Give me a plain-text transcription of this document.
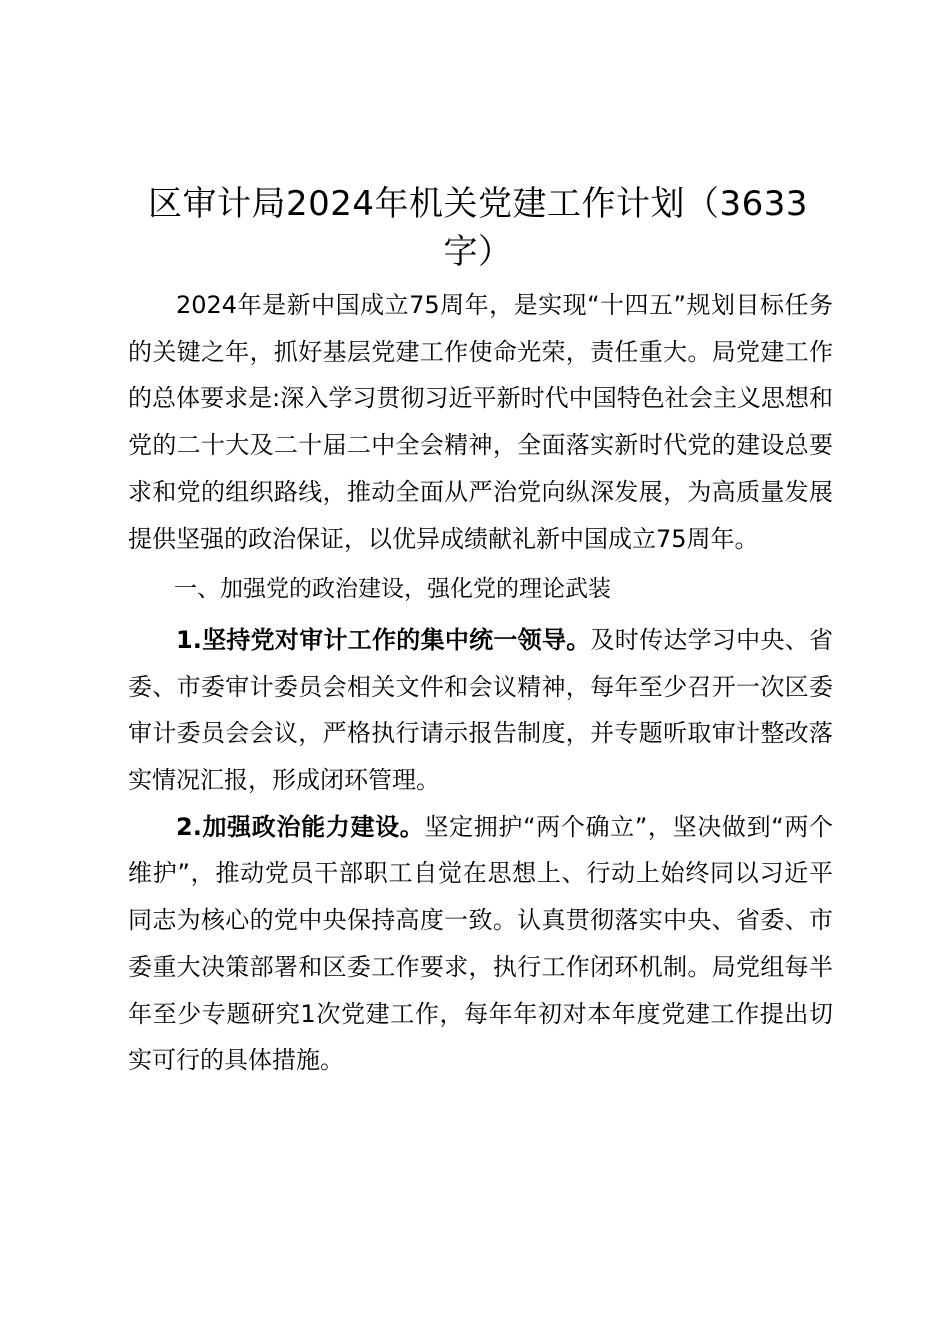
区审计局2024年机关党建工作计划（3633字）

2024年是新中国成立75周年，是实现“十四五”规划目标任务的关键之年，抓好基层党建工作使命光荣，责任重大。局党建工作的总体要求是:深入学习贯彻习近平新时代中国特色社会主义思想和党的二十大及二十届二中全会精神，全面落实新时代党的建设总要求和党的组织路线，推动全面从严治党向纵深发展，为高质量发展提供坚强的政治保证，以优异成绩献礼新中国成立75周年。

一、加强党的政治建设，强化党的理论武装

1.坚持党对审计工作的集中统一领导。及时传达学习中央、省委、市委审计委员会相关文件和会议精神，每年至少召开一次区委审计委员会会议，严格执行请示报告制度，并专题听取审计整改落实情况汇报，形成闭环管理。

2.加强政治能力建设。坚定拥护“两个确立”，坚决做到“两个维护”，推动党员干部职工自觉在思想上、行动上始终同以习近平同志为核心的党中央保持高度一致。认真贯彻落实中央、省委、市委重大决策部署和区委工作要求，执行工作闭环机制。局党组每半年至少专题研究1次党建工作，每年年初对本年度党建工作提出切实可行的具体措施。
